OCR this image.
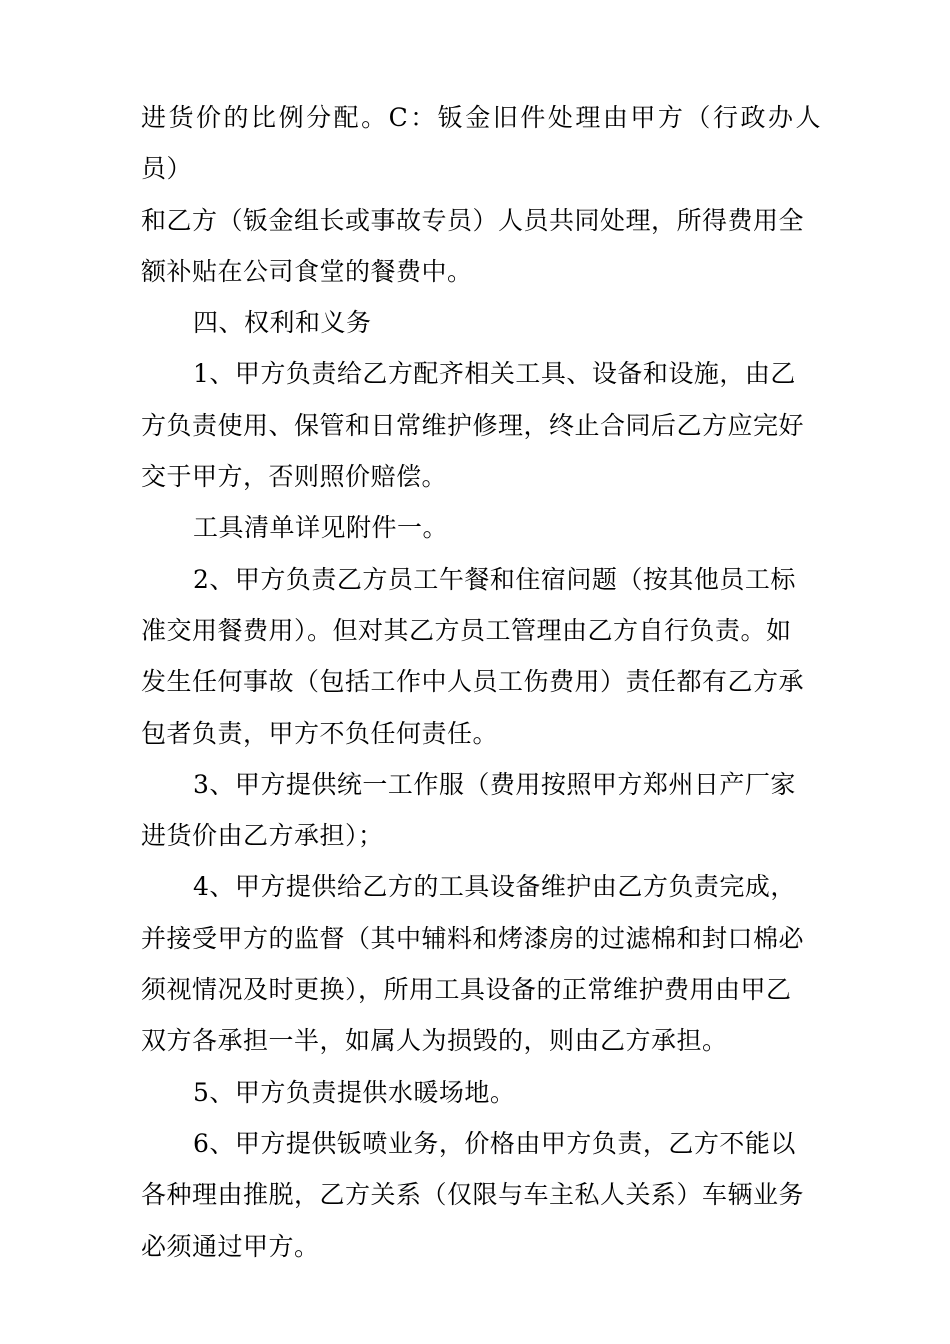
进货价的比例分配。C：钣金旧件处理由甲方（行政办人员）
和乙方（钣金组长或事故专员）人员共同处理，所得费用全
额补贴在公司食堂的餐费中。

四、权利和义务

1、甲方负责给乙方配齐相关工具、设备和设施，由乙
方负责使用、保管和日常维护修理，终止合同后乙方应完好
交于甲方，否则照价赔偿。

工具清单详见附件一。

2、甲方负责乙方员工午餐和住宿问题（按其他员工标
准交用餐费用）。但对其乙方员工管理由乙方自行负责。如
发生任何事故（包括工作中人员工伤费用）责任都有乙方承
包者负责，甲方不负任何责任。

3、甲方提供统一工作服（费用按照甲方郑州日产厂家
进货价由乙方承担）；

4、甲方提供给乙方的工具设备维护由乙方负责完成，
并接受甲方的监督（其中辅料和烤漆房的过滤棉和封口棉必
须视情况及时更换），所用工具设备的正常维护费用由甲乙
双方各承担一半，如属人为损毁的，则由乙方承担。

5、甲方负责提供水暖场地。

6、甲方提供钣喷业务，价格由甲方负责，乙方不能以
各种理由推脱，乙方关系（仅限与车主私人关系）车辆业务
必须通过甲方。
